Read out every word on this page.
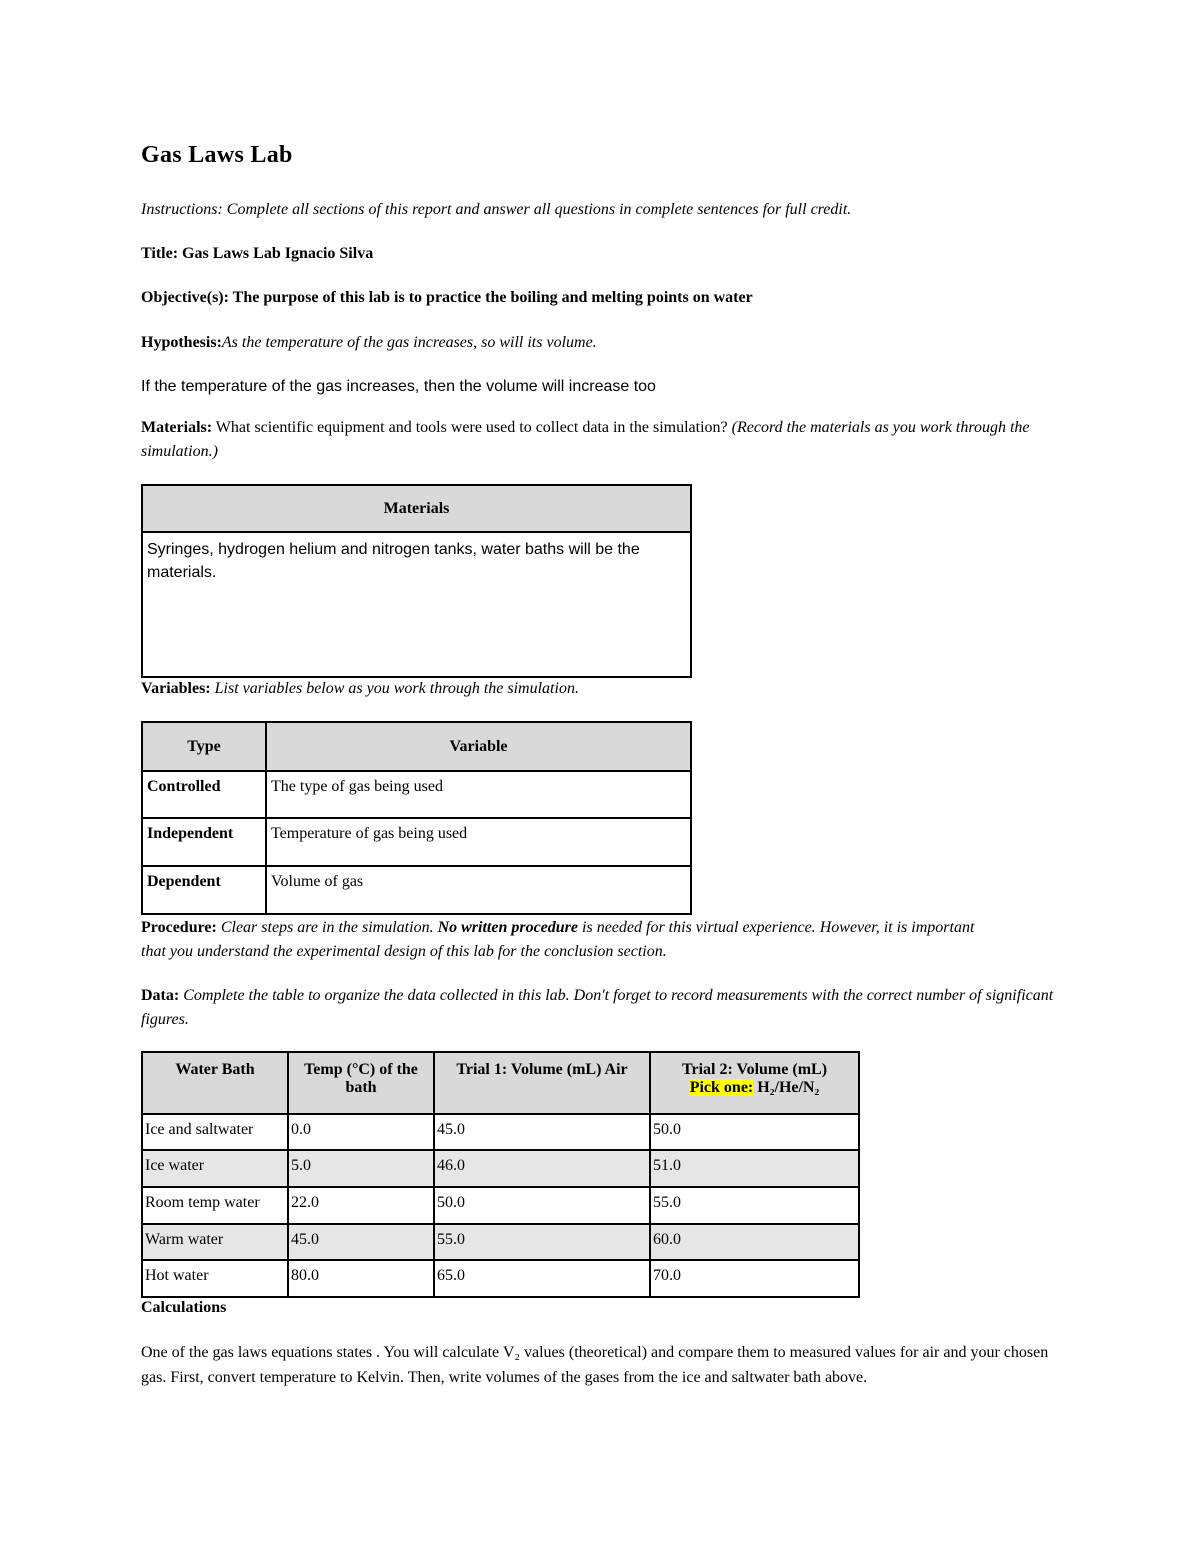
Gas Laws Lab
Instructions: Complete all sections of this report and answer all questions in complete sentences for full credit.
Title: Gas Laws Lab Ignacio Silva
Objective(s): The purpose of this lab is to practice the boiling and melting points on water
Hypothesis:As the temperature of the gas increases, so will its volume.
If the temperature of the gas increases, then the volume will increase too
Materials: What scientific equipment and tools were used to collect data in the simulation? (Record the materials as you work through the simulation.)
Materials
Syringes, hydrogen helium and nitrogen tanks, water baths will be the materials.
Variables: List variables below as you work through the simulation.
Type	Variable
Controlled	The type of gas being used
Independent	Temperature of gas being used
Dependent	Volume of gas
Procedure: Clear steps are in the simulation. No written procedure is needed for this virtual experience. However, it is important that you understand the experimental design of this lab for the conclusion section.
Data: Complete the table to organize the data collected in this lab. Don't forget to record measurements with the correct number of significant figures.
Water Bath	Temp (°C) of the bath	Trial 1: Volume (mL) Air	Trial 2: Volume (mL)
Pick one: H₂/He/N₂
Ice and saltwater	0.0	45.0	50.0
Ice water	5.0	46.0	51.0
Room temp water	22.0	50.0	55.0
Warm water	45.0	55.0	60.0
Hot water	80.0	65.0	70.0
Calculations
One of the gas laws equations states . You will calculate V₂ values (theoretical) and compare them to measured values for air and your chosen gas. First, convert temperature to Kelvin. Then, write volumes of the gases from the ice and saltwater bath above.
